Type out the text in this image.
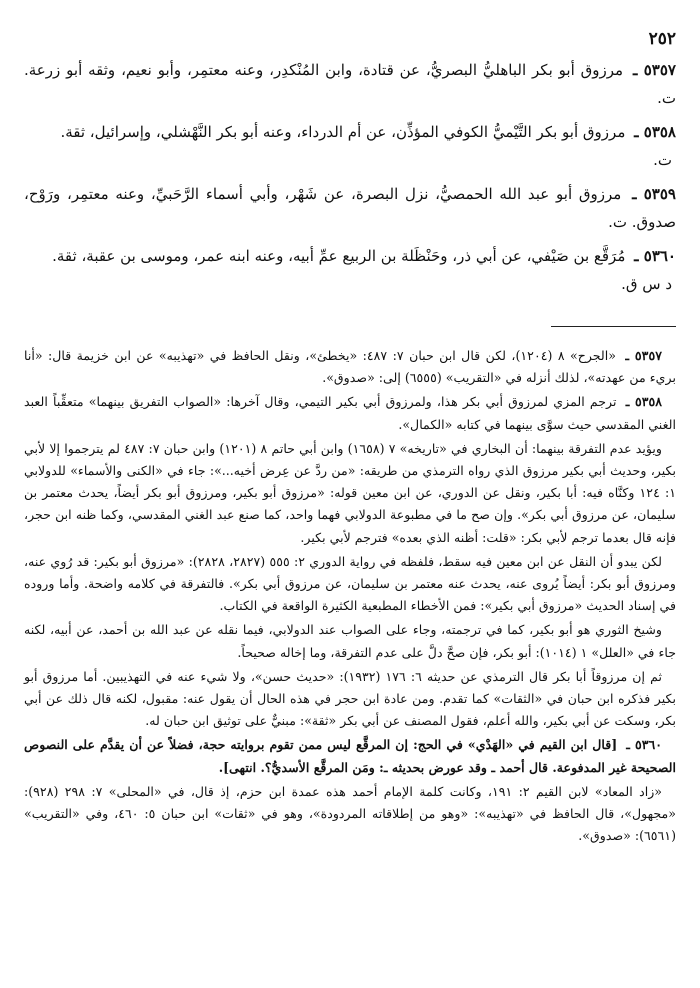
٢٥٢

٥٣٥٧ ـ مرزوق أبو بكر الباهليُّ البصريُّ، عن قتادة، وابن المُنْكدِر، وعنه معتمِر، وأبو نعيم، وثقه أبو زرعة. ت.

٥٣٥٨ ـ مرزوق أبو بكر التَّيْميُّ الكوفي المؤذِّن، عن أم الدرداء، وعنه أبو بكر النَّهْشلي، وإسرائيل، ثقة.
ت.

٥٣٥٩ ـ مرزوق أبو عبد الله الحمصيُّ، نزل البصرة، عن شَهْر، وأبي أسماء الرَّحَبيِّ، وعنه معتمِر، ورَوْح، صدوق. ت.

٥٣٦٠ ـ مُرَقَّع بن صَيْفي، عن أبي ذر، وحَنْظَلة بن الربيع عمِّ أبيه، وعنه ابنه عمر، وموسى بن عقبة، ثقة.
د س ق.

٥٣٥٧ ـ «الجرح» ٨ (١٢٠٤)، لكن قال ابن حبان ٧: ٤٨٧: «يخطئ»، ونقل الحافظ في «تهذيبه» عن ابن خزيمة قال: «أنا بريء من عهدته»، لذلك أنزله في «التقريب» (٦٥٥٥) إلى: «صدوق».

٥٣٥٨ ـ ترجم المزي لمرزوق أبي بكر هذا، ولمرزوق أبي بكير التيمي، وقال آخرها: «الصواب التفريق بينهما» متعقِّباً العبد الغني المقدسي حيث سوَّى بينهما في كتابه «الكمال».

ويؤيد عدم التفرقة بينهما: أن البخاري في «تاريخه» ٧ (١٦٥٨) وابن أبي حاتم ٨ (١٢٠١) وابن حبان ٧: ٤٨٧ لم يترجموا إلا لأبي بكير، وحديث أبي بكير مرزوق الذي رواه الترمذي من طريقه: «من ردَّ عن عِرض أخيه...»: جاء في «الكنى والأسماء» للدولابي ١: ١٢٤ وكنَّاه فيه: أبا بكير، ونقل عن الدوري، عن ابن معين قوله: «مرزوق أبو بكير، ومرزوق أبو بكر أيضاً، يحدث معتمر بن سليمان، عن مرزوق أبي بكر». وإن صح ما في مطبوعة الدولابي فهما واحد، كما صنع عبد الغني المقدسي، وكما ظنه ابن حجر، فإنه قال بعدما ترجم لأبي بكر: «قلت: أظنه الذي بعده» فترجم لأبي بكير.

لكن يبدو أن النقل عن ابن معين فيه سقط، فلفظه في رواية الدوري ٢: ٥٥٥ (٢٨٢٧، ٢٨٢٨): «مرزوق أبو بكير: قد رُوي عنه، ومرزوق أبو بكر: أيضاً يُروى عنه، يحدث عنه معتمر بن سليمان، عن مرزوق أبي بكر». فالتفرقة في كلامه واضحة. وأما وروده في إسناد الحديث «مرزوق أبي بكير»: فمن الأخطاء المطبعية الكثيرة الواقعة في الكتاب.

وشيخ الثوري هو أبو بكير، كما في ترجمته، وجاء على الصواب عند الدولابي، فيما نقله عن عبد الله بن أحمد، عن أبيه، لكنه جاء في «العلل» ١ (١٠١٤): أبو بكر، فإن صحَّ دلَّ على عدم التفرقة، وما إخاله صحيحاً.

ثم إن مرزوقاً أبا بكر قال الترمذي عن حديثه ٦: ١٧٦ (١٩٣٢): «حديث حسن»، ولا شيء عنه في التهذيبين. أما مرزوق أبو بكير فذكره ابن حبان في «الثقات» كما تقدم. ومن عادة ابن حجر في هذه الحال أن يقول عنه: مقبول، لكنه قال ذلك عن أبي بكر، وسكت عن أبي بكير، والله أعلم، فقول المصنف عن أبي بكر «ثقة»: مبنيٌّ على توثيق ابن حبان له.

٥٣٦٠ ـ [قال ابن القيم في «الهَدْي» في الحج: إن المرقَّع ليس ممن تقوم بروايته حجة، فضلاً عن أن يقدَّم على النصوص الصحيحة غير المدفوعة. قال أحمد ـ وقد عورض بحديثه ـ: ومَن المرقَّع الأسديُّ؟. انتهى].

«زاد المعاد» لابن القيم ٢: ١٩١، وكانت كلمة الإمام أحمد هذه عمدة ابن حزم، إذ قال، في «المحلى» ٧: ٢٩٨ (٩٢٨): «مجهول»، قال الحافظ في «تهذيبه»: «وهو من إطلاقاته المردودة»، وهو في «ثقات» ابن حبان ٥: ٤٦٠، وفي «التقريب» (٦٥٦١): «صدوق».
